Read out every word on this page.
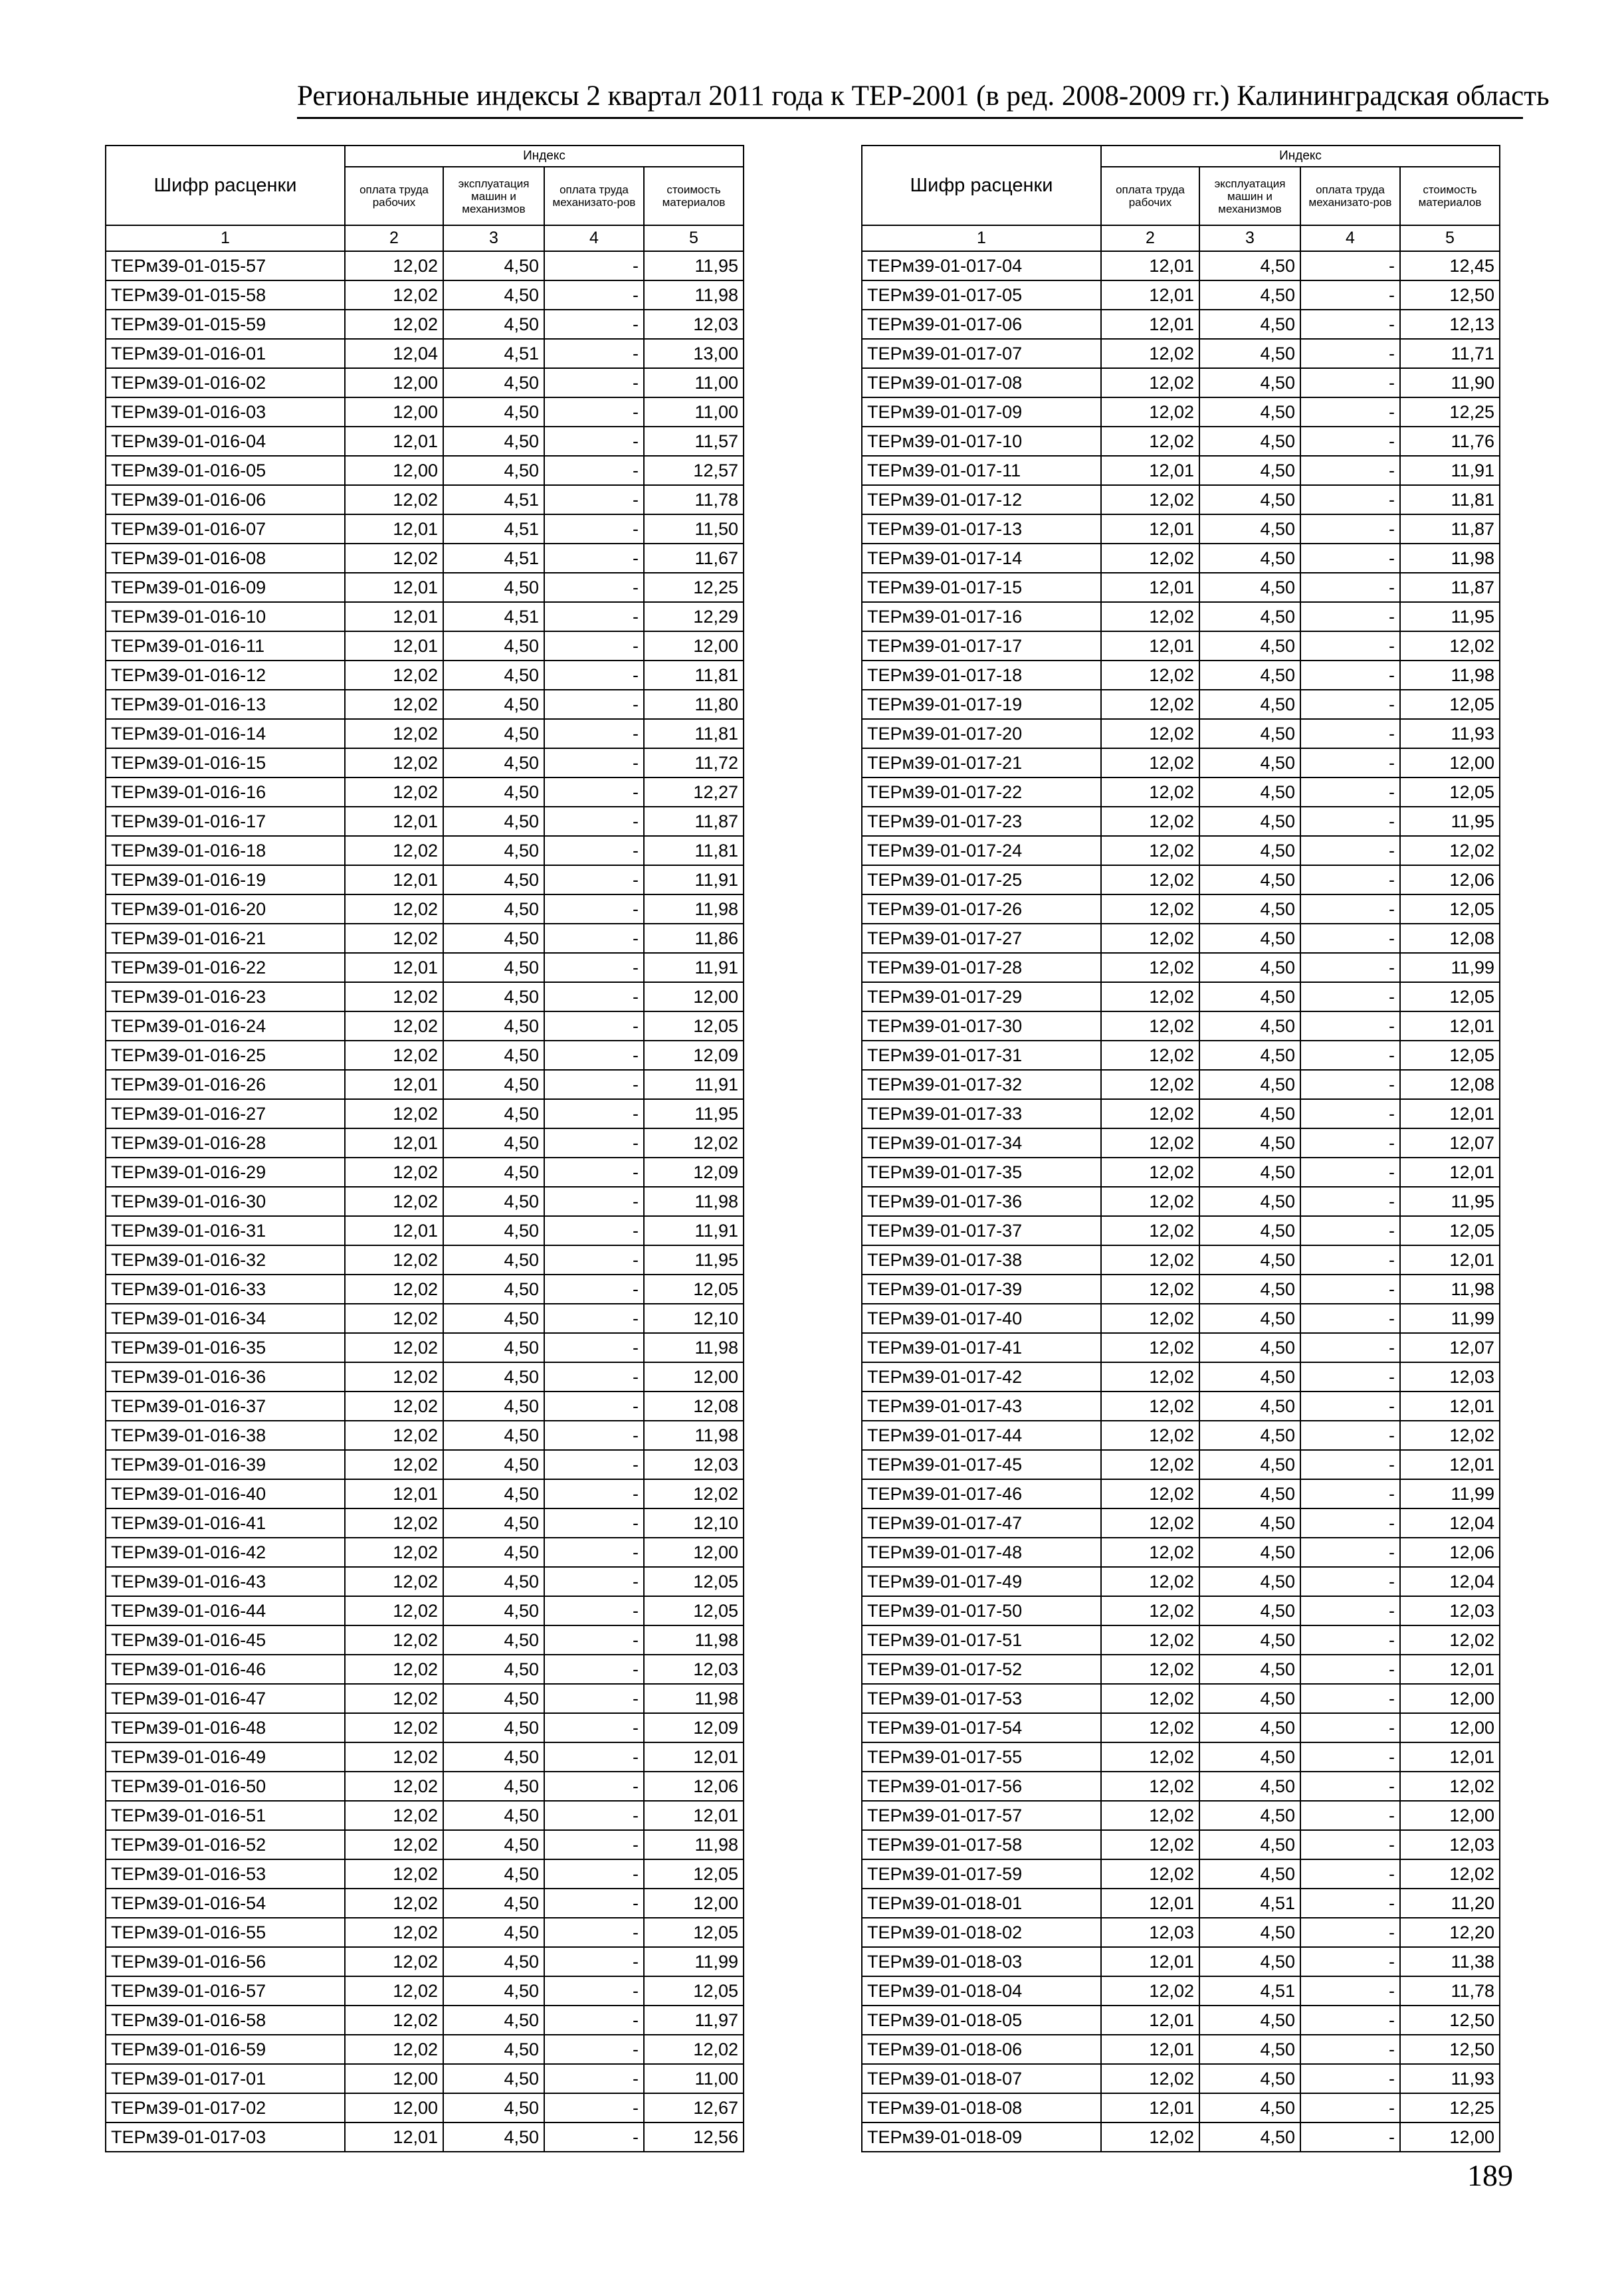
Региональные индексы 2 квартал 2011 года к ТЕР-2001 (в ред. 2008-2009 гг.) Калининградская область
Шифр расценки	Индекс			
	оплата труда рабочих	эксплуатация машин и механизмов	оплата труда механизато-ров	стоимость материалов
1	2	3	4	5
ТЕРм39-01-015-57	12,02	4,50	-	11,95
ТЕРм39-01-015-58	12,02	4,50	-	11,98
ТЕРм39-01-015-59	12,02	4,50	-	12,03
ТЕРм39-01-016-01	12,04	4,51	-	13,00
ТЕРм39-01-016-02	12,00	4,50	-	11,00
ТЕРм39-01-016-03	12,00	4,50	-	11,00
ТЕРм39-01-016-04	12,01	4,50	-	11,57
ТЕРм39-01-016-05	12,00	4,50	-	12,57
ТЕРм39-01-016-06	12,02	4,51	-	11,78
ТЕРм39-01-016-07	12,01	4,51	-	11,50
ТЕРм39-01-016-08	12,02	4,51	-	11,67
ТЕРм39-01-016-09	12,01	4,50	-	12,25
ТЕРм39-01-016-10	12,01	4,51	-	12,29
ТЕРм39-01-016-11	12,01	4,50	-	12,00
ТЕРм39-01-016-12	12,02	4,50	-	11,81
ТЕРм39-01-016-13	12,02	4,50	-	11,80
ТЕРм39-01-016-14	12,02	4,50	-	11,81
ТЕРм39-01-016-15	12,02	4,50	-	11,72
ТЕРм39-01-016-16	12,02	4,50	-	12,27
ТЕРм39-01-016-17	12,01	4,50	-	11,87
ТЕРм39-01-016-18	12,02	4,50	-	11,81
ТЕРм39-01-016-19	12,01	4,50	-	11,91
ТЕРм39-01-016-20	12,02	4,50	-	11,98
ТЕРм39-01-016-21	12,02	4,50	-	11,86
ТЕРм39-01-016-22	12,01	4,50	-	11,91
ТЕРм39-01-016-23	12,02	4,50	-	12,00
ТЕРм39-01-016-24	12,02	4,50	-	12,05
ТЕРм39-01-016-25	12,02	4,50	-	12,09
ТЕРм39-01-016-26	12,01	4,50	-	11,91
ТЕРм39-01-016-27	12,02	4,50	-	11,95
ТЕРм39-01-016-28	12,01	4,50	-	12,02
ТЕРм39-01-016-29	12,02	4,50	-	12,09
ТЕРм39-01-016-30	12,02	4,50	-	11,98
ТЕРм39-01-016-31	12,01	4,50	-	11,91
ТЕРм39-01-016-32	12,02	4,50	-	11,95
ТЕРм39-01-016-33	12,02	4,50	-	12,05
ТЕРм39-01-016-34	12,02	4,50	-	12,10
ТЕРм39-01-016-35	12,02	4,50	-	11,98
ТЕРм39-01-016-36	12,02	4,50	-	12,00
ТЕРм39-01-016-37	12,02	4,50	-	12,08
ТЕРм39-01-016-38	12,02	4,50	-	11,98
ТЕРм39-01-016-39	12,02	4,50	-	12,03
ТЕРм39-01-016-40	12,01	4,50	-	12,02
ТЕРм39-01-016-41	12,02	4,50	-	12,10
ТЕРм39-01-016-42	12,02	4,50	-	12,00
ТЕРм39-01-016-43	12,02	4,50	-	12,05
ТЕРм39-01-016-44	12,02	4,50	-	12,05
ТЕРм39-01-016-45	12,02	4,50	-	11,98
ТЕРм39-01-016-46	12,02	4,50	-	12,03
ТЕРм39-01-016-47	12,02	4,50	-	11,98
ТЕРм39-01-016-48	12,02	4,50	-	12,09
ТЕРм39-01-016-49	12,02	4,50	-	12,01
ТЕРм39-01-016-50	12,02	4,50	-	12,06
ТЕРм39-01-016-51	12,02	4,50	-	12,01
ТЕРм39-01-016-52	12,02	4,50	-	11,98
ТЕРм39-01-016-53	12,02	4,50	-	12,05
ТЕРм39-01-016-54	12,02	4,50	-	12,00
ТЕРм39-01-016-55	12,02	4,50	-	12,05
ТЕРм39-01-016-56	12,02	4,50	-	11,99
ТЕРм39-01-016-57	12,02	4,50	-	12,05
ТЕРм39-01-016-58	12,02	4,50	-	11,97
ТЕРм39-01-016-59	12,02	4,50	-	12,02
ТЕРм39-01-017-01	12,00	4,50	-	11,00
ТЕРм39-01-017-02	12,00	4,50	-	12,67
ТЕРм39-01-017-03	12,01	4,50	-	12,56
Шифр расценки	Индекс			
	оплата труда рабочих	эксплуатация машин и механизмов	оплата труда механизато-ров	стоимость материалов
1	2	3	4	5
ТЕРм39-01-017-04	12,01	4,50	-	12,45
ТЕРм39-01-017-05	12,01	4,50	-	12,50
ТЕРм39-01-017-06	12,01	4,50	-	12,13
ТЕРм39-01-017-07	12,02	4,50	-	11,71
ТЕРм39-01-017-08	12,02	4,50	-	11,90
ТЕРм39-01-017-09	12,02	4,50	-	12,25
ТЕРм39-01-017-10	12,02	4,50	-	11,76
ТЕРм39-01-017-11	12,01	4,50	-	11,91
ТЕРм39-01-017-12	12,02	4,50	-	11,81
ТЕРм39-01-017-13	12,01	4,50	-	11,87
ТЕРм39-01-017-14	12,02	4,50	-	11,98
ТЕРм39-01-017-15	12,01	4,50	-	11,87
ТЕРм39-01-017-16	12,02	4,50	-	11,95
ТЕРм39-01-017-17	12,01	4,50	-	12,02
ТЕРм39-01-017-18	12,02	4,50	-	11,98
ТЕРм39-01-017-19	12,02	4,50	-	12,05
ТЕРм39-01-017-20	12,02	4,50	-	11,93
ТЕРм39-01-017-21	12,02	4,50	-	12,00
ТЕРм39-01-017-22	12,02	4,50	-	12,05
ТЕРм39-01-017-23	12,02	4,50	-	11,95
ТЕРм39-01-017-24	12,02	4,50	-	12,02
ТЕРм39-01-017-25	12,02	4,50	-	12,06
ТЕРм39-01-017-26	12,02	4,50	-	12,05
ТЕРм39-01-017-27	12,02	4,50	-	12,08
ТЕРм39-01-017-28	12,02	4,50	-	11,99
ТЕРм39-01-017-29	12,02	4,50	-	12,05
ТЕРм39-01-017-30	12,02	4,50	-	12,01
ТЕРм39-01-017-31	12,02	4,50	-	12,05
ТЕРм39-01-017-32	12,02	4,50	-	12,08
ТЕРм39-01-017-33	12,02	4,50	-	12,01
ТЕРм39-01-017-34	12,02	4,50	-	12,07
ТЕРм39-01-017-35	12,02	4,50	-	12,01
ТЕРм39-01-017-36	12,02	4,50	-	11,95
ТЕРм39-01-017-37	12,02	4,50	-	12,05
ТЕРм39-01-017-38	12,02	4,50	-	12,01
ТЕРм39-01-017-39	12,02	4,50	-	11,98
ТЕРм39-01-017-40	12,02	4,50	-	11,99
ТЕРм39-01-017-41	12,02	4,50	-	12,07
ТЕРм39-01-017-42	12,02	4,50	-	12,03
ТЕРм39-01-017-43	12,02	4,50	-	12,01
ТЕРм39-01-017-44	12,02	4,50	-	12,02
ТЕРм39-01-017-45	12,02	4,50	-	12,01
ТЕРм39-01-017-46	12,02	4,50	-	11,99
ТЕРм39-01-017-47	12,02	4,50	-	12,04
ТЕРм39-01-017-48	12,02	4,50	-	12,06
ТЕРм39-01-017-49	12,02	4,50	-	12,04
ТЕРм39-01-017-50	12,02	4,50	-	12,03
ТЕРм39-01-017-51	12,02	4,50	-	12,02
ТЕРм39-01-017-52	12,02	4,50	-	12,01
ТЕРм39-01-017-53	12,02	4,50	-	12,00
ТЕРм39-01-017-54	12,02	4,50	-	12,00
ТЕРм39-01-017-55	12,02	4,50	-	12,01
ТЕРм39-01-017-56	12,02	4,50	-	12,02
ТЕРм39-01-017-57	12,02	4,50	-	12,00
ТЕРм39-01-017-58	12,02	4,50	-	12,03
ТЕРм39-01-017-59	12,02	4,50	-	12,02
ТЕРм39-01-018-01	12,01	4,51	-	11,20
ТЕРм39-01-018-02	12,03	4,50	-	12,20
ТЕРм39-01-018-03	12,01	4,50	-	11,38
ТЕРм39-01-018-04	12,02	4,51	-	11,78
ТЕРм39-01-018-05	12,01	4,50	-	12,50
ТЕРм39-01-018-06	12,01	4,50	-	12,50
ТЕРм39-01-018-07	12,02	4,50	-	11,93
ТЕРм39-01-018-08	12,01	4,50	-	12,25
ТЕРм39-01-018-09	12,02	4,50	-	12,00
189
